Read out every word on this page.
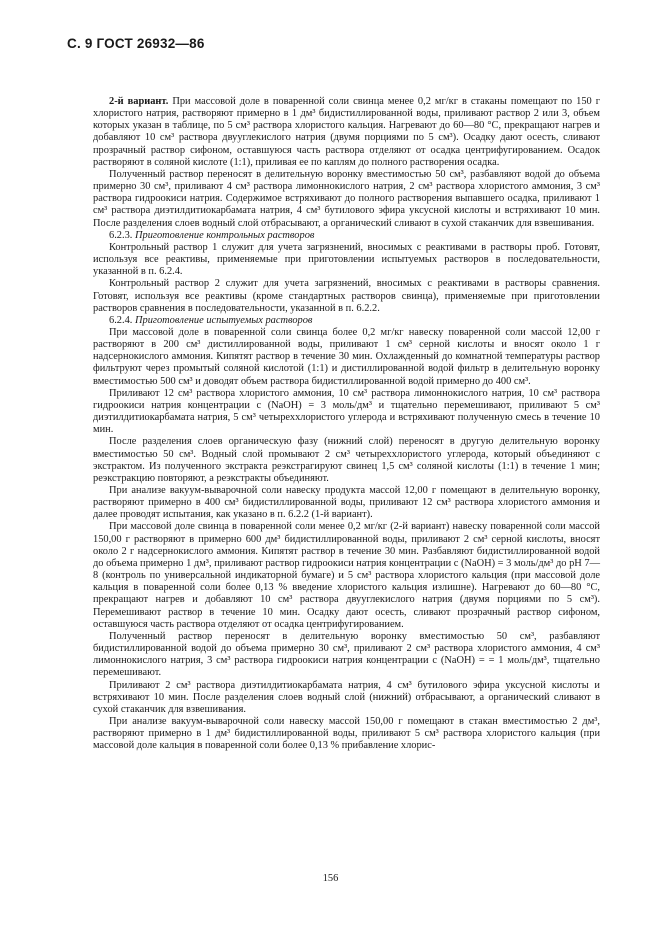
С. 9 ГОСТ 26932—86

2-й вариант. При массовой доле в поваренной соли свинца менее 0,2 мг/кг в стаканы помещают по 150 г хлористого натрия, растворяют примерно в 1 дм³ бидистиллированной воды, приливают раствор 2 или 3, объем которых указан в таблице, по 5 см³ раствора хлористого кальция. Нагревают до 60—80 °С, прекращают нагрев и добавляют 10 см³ раствора двууглекислого натрия (двумя порциями по 5 см³). Осадку дают осесть, сливают прозрачный раствор сифоном, оставшуюся часть раствора отделяют от осадка центрифугированием. Осадок растворяют в соляной кислоте (1:1), приливая ее по каплям до полного растворения осадка.

Полученный раствор переносят в делительную воронку вместимостью 50 см³, разбавляют водой до объема примерно 30 см³, приливают 4 см³ раствора лимоннокислого натрия, 2 см³ раствора хлористого аммония, 3 см³ раствора гидроокиси натрия. Содержимое встряхивают до полного растворения выпавшего осадка, приливают 1 см³ раствора диэтилдитиокарбамата натрия, 4 см³ бутилового эфира уксусной кислоты и встряхивают 10 мин. После разделения слоев водный слой отбрасывают, а органический сливают в сухой стаканчик для взвешивания.

6.2.3. Приготовление контрольных растворов

Контрольный раствор 1 служит для учета загрязнений, вносимых с реактивами в растворы проб. Готовят, используя все реактивы, применяемые при приготовлении испытуемых растворов в последовательности, указанной в п. 6.2.4.

Контрольный раствор 2 служит для учета загрязнений, вносимых с реактивами в растворы сравнения. Готовят, используя все реактивы (кроме стандартных растворов свинца), применяемые при приготовлении растворов сравнения в последовательности, указанной в п. 6.2.2.

6.2.4. Приготовление испытуемых растворов

При массовой доле в поваренной соли свинца более 0,2 мг/кг навеску поваренной соли массой 12,00 г растворяют в 200 см³ дистиллированной воды, приливают 1 см³ серной кислоты и вносят около 1 г надсернокислого аммония. Кипятят раствор в течение 30 мин. Охлажденный до комнатной температуры раствор фильтруют через промытый соляной кислотой (1:1) и дистиллированной водой фильтр в делительную воронку вместимостью 500 см³ и доводят объем раствора бидистиллированной водой примерно до 400 см³.

Приливают 12 см³ раствора хлористого аммония, 10 см³ раствора лимоннокислого натрия, 10 см³ раствора гидроокиси натрия концентрации c (NaOH) = 3 моль/дм³ и тщательно перемешивают, приливают 5 см³ диэтилдитиокарбамата натрия, 5 см³ четыреххлористого углерода и встряхивают полученную смесь в течение 10 мин.

После разделения слоев органическую фазу (нижний слой) переносят в другую делительную воронку вместимостью 50 см³. Водный слой промывают 2 см³ четыреххлористого углерода, который объединяют с экстрактом. Из полученного экстракта реэкстрагируют свинец 1,5 см³ соляной кислоты (1:1) в течение 1 мин; реэкстракцию повторяют, а реэкстракты объединяют.

При анализе вакуум-выварочной соли навеску продукта массой 12,00 г помещают в делительную воронку, растворяют примерно в 400 см³ бидистиллированной воды, приливают 12 см³ раствора хлористого аммония и далее проводят испытания, как указано в п. 6.2.2 (1-й вариант).

При массовой доле свинца в поваренной соли менее 0,2 мг/кг (2-й вариант) навеску поваренной соли массой 150,00 г растворяют в примерно 600 дм³ бидистиллированной воды, приливают 2 см³ серной кислоты, вносят около 2 г надсернокислого аммония. Кипятят раствор в течение 30 мин. Разбавляют бидистиллированной водой до объема примерно 1 дм³, приливают раствор гидроокиси натрия концентрации c (NaOH) = 3 моль/дм³ до pH 7—8 (контроль по универсальной индикаторной бумаге) и 5 см³ раствора хлористого кальция (при массовой доле кальция в поваренной соли более 0,13 % введение хлористого кальция излишне). Нагревают до 60—80 °С, прекращают нагрев и добавляют 10 см³ раствора двууглекислого натрия (двумя порциями по 5 см³). Перемешивают раствор в течение 10 мин. Осадку дают осесть, сливают прозрачный раствор сифоном, оставшуюся часть раствора отделяют от осадка центрифугированием.

Полученный раствор переносят в делительную воронку вместимостью 50 см³, разбавляют бидистиллированной водой до объема примерно 30 см³, приливают 2 см³ раствора хлористого аммония, 4 см³ лимоннокислого натрия, 3 см³ раствора гидроокиси натрия концентрации c (NaOH) = = 1 моль/дм³, тщательно перемешивают.

Приливают 2 см³ раствора диэтилдитиокарбамата натрия, 4 см³ бутилового эфира уксусной кислоты и встряхивают 10 мин. После разделения слоев водный слой (нижний) отбрасывают, а органический сливают в сухой стаканчик для взвешивания.

При анализе вакуум-выварочной соли навеску массой 150,00 г помещают в стакан вместимостью 2 дм³, растворяют примерно в 1 дм³ бидистиллированной воды, приливают 5 см³ раствора хлористого кальция (при массовой доле кальция в поваренной соли более 0,13 % прибавление хлорис-

156
